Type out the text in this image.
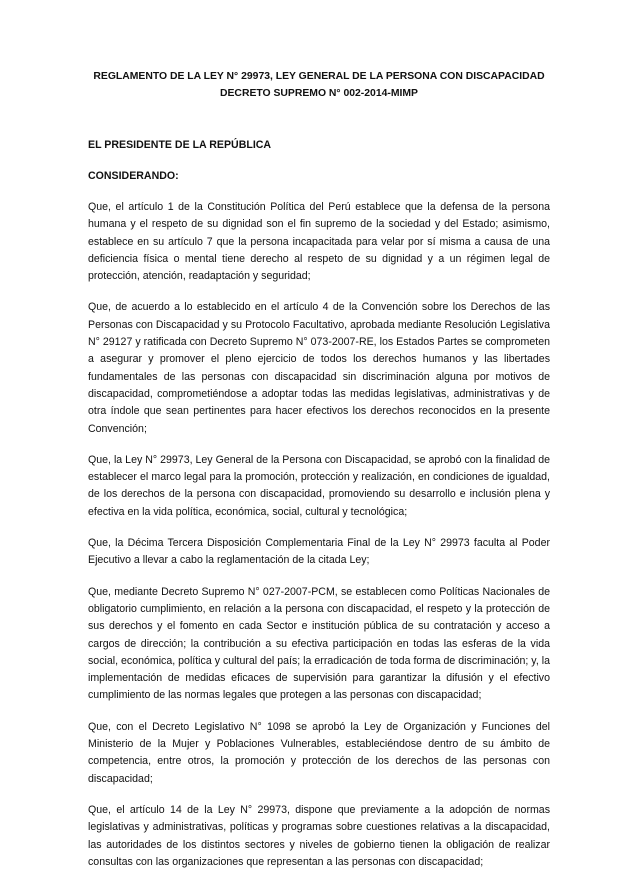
REGLAMENTO DE LA LEY N° 29973, LEY GENERAL DE LA PERSONA CON DISCAPACIDAD
DECRETO SUPREMO N° 002-2014-MIMP

EL PRESIDENTE DE LA REPÚBLICA

CONSIDERANDO:

Que, el artículo 1 de la Constitución Política del Perú establece que la defensa de la persona humana y el respeto de su dignidad son el fin supremo de la sociedad y del Estado; asimismo, establece en su artículo 7 que la persona incapacitada para velar por sí misma a causa de una deficiencia física o mental tiene derecho al respeto de su dignidad y a un régimen legal de protección, atención, readaptación y seguridad;

Que, de acuerdo a lo establecido en el artículo 4 de la Convención sobre los Derechos de las Personas con Discapacidad y su Protocolo Facultativo, aprobada mediante Resolución Legislativa N° 29127 y ratificada con Decreto Supremo N° 073-2007-RE, los Estados Partes se comprometen a asegurar y promover el pleno ejercicio de todos los derechos humanos y las libertades fundamentales de las personas con discapacidad sin discriminación alguna por motivos de discapacidad, comprometiéndose a adoptar todas las medidas legislativas, administrativas y de otra índole que sean pertinentes para hacer efectivos los derechos reconocidos en la presente Convención;

Que, la Ley N° 29973, Ley General de la Persona con Discapacidad, se aprobó con la finalidad de establecer el marco legal para la promoción, protección y realización, en condiciones de igualdad, de los derechos de la persona con discapacidad, promoviendo su desarrollo e inclusión plena y efectiva en la vida política, económica, social, cultural y tecnológica;

Que, la Décima Tercera Disposición Complementaria Final de la Ley N° 29973 faculta al Poder Ejecutivo a llevar a cabo la reglamentación de la citada Ley;

Que, mediante Decreto Supremo N° 027-2007-PCM, se establecen como Políticas Nacionales de obligatorio cumplimiento, en relación a la persona con discapacidad, el respeto y la protección de sus derechos y el fomento en cada Sector e institución pública de su contratación y acceso a cargos de dirección; la contribución a su efectiva participación en todas las esferas de la vida social, económica, política y cultural del país; la erradicación de toda forma de discriminación; y, la implementación de medidas eficaces de supervisión para garantizar la difusión y el efectivo cumplimiento de las normas legales que protegen a las personas con discapacidad;

Que, con el Decreto Legislativo N° 1098 se aprobó la Ley de Organización y Funciones del Ministerio de la Mujer y Poblaciones Vulnerables, estableciéndose dentro de su ámbito de competencia, entre otros, la promoción y protección de los derechos de las personas con discapacidad;

Que, el artículo 14 de la Ley N° 29973, dispone que previamente a la adopción de normas legislativas y administrativas, políticas y programas sobre cuestiones relativas a la discapacidad, las autoridades de los distintos sectores y niveles de gobierno tienen la obligación de realizar consultas con las organizaciones que representan a las personas con discapacidad;
